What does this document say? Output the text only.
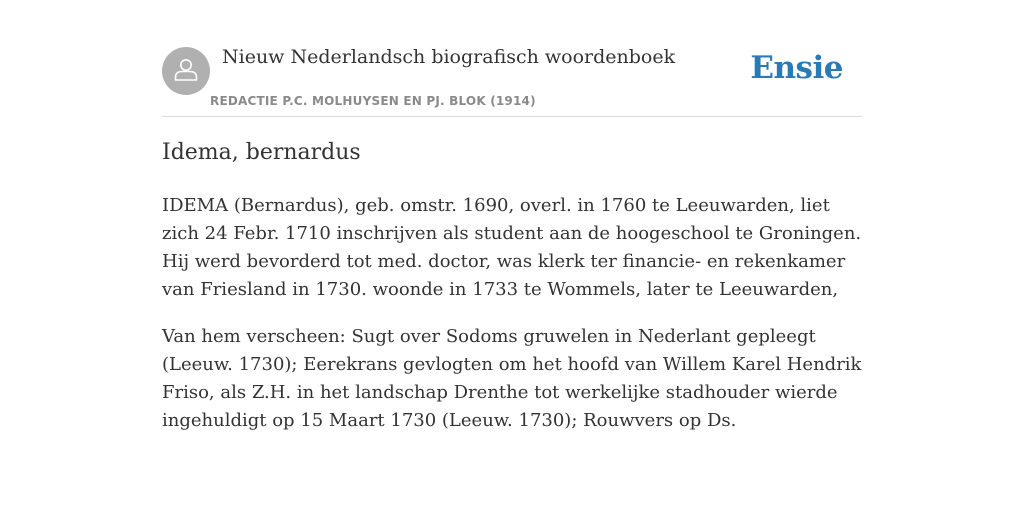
Nieuw Nederlandsch biografisch woordenboek
REDACTIE P.C. MOLHUYSEN EN PJ. BLOK (1914)
Ensie
Idema, bernardus

IDEMA (Bernardus), geb. omstr. 1690, overl. in 1760 te Leeuwarden, liet zich 24 Febr. 1710 inschrijven als student aan de hoogeschool te Groningen. Hij werd bevorderd tot med. doctor, was klerk ter financie- en rekenkamer van Friesland in 1730. woonde in 1733 te Wommels, later te Leeuwarden,

Van hem verscheen: Sugt over Sodoms gruwelen in Nederlant gepleegt (Leeuw. 1730); Eerekrans gevlogten om het hoofd van Willem Karel Hendrik Friso, als Z.H. in het landschap Drenthe tot werkelijke stadhouder wierde ingehuldigt op 15 Maart 1730 (Leeuw. 1730); Rouwvers op Ds.
